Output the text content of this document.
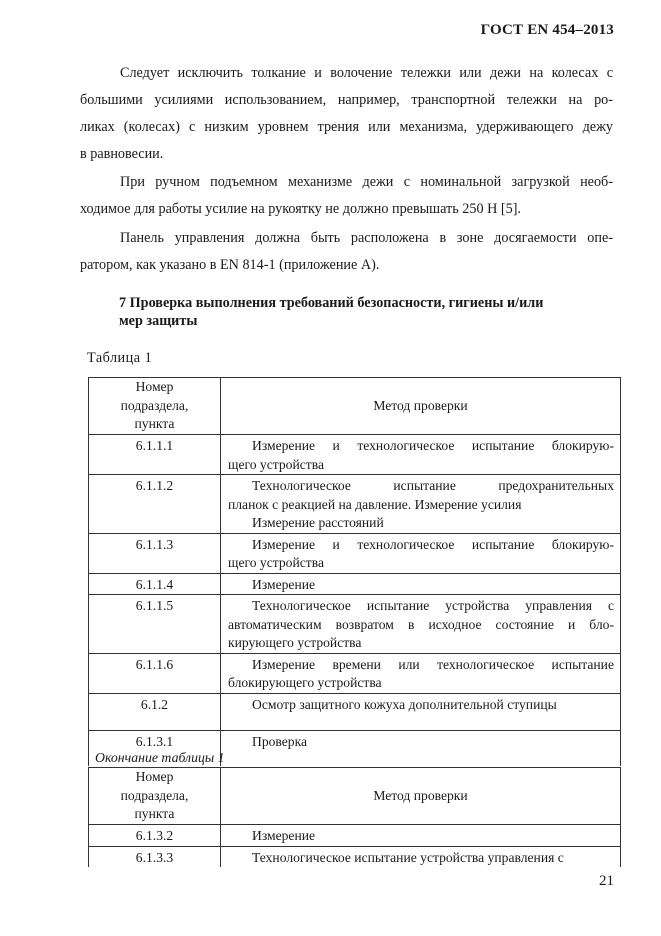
ГОСТ EN 454–2013
Следует исключить толкание и волочение тележки или дежи на колесах с
большими усилиями использованием, например, транспортной тележки на ро-
ликах (колесах) с низким уровнем трения или механизма, удерживающего дежу
в равновесии.
При ручном подъемном механизме дежи с номинальной загрузкой необ-
ходимое для работы усилие на рукоятку не должно превышать 250 Н [5].
Панель управления должна быть расположена в зоне досягаемости опе-
ратором, как указано в EN 814-1 (приложение А).
7 Проверка выполнения требований безопасности, гигиены и/или
мер защиты
Таблица 1
Номер
подраздела,
пункта	Метод проверки
6.1.1.1	Измерение и технологическое испытание блокирую-
щего устройства

6.1.1.2	Технологическое испытание предохранительных
планок с реакцией на давление. Измерение усилия
Измерение расстояний

6.1.1.3	Измерение и технологическое испытание блокирую-
щего устройства

6.1.1.4	Измерение

6.1.1.5	Технологическое испытание устройства управления с
автоматическим возвратом в исходное состояние и бло-
кирующего устройства

6.1.1.6	Измерение времени или технологическое испытание
блокирующего устройства

6.1.2	Осмотр защитного кожуха дополнительной ступицы

6.1.3.1	Проверка
Окончание таблицы 1
Номер
подраздела,
пункта	Метод проверки
6.1.3.2	Измерение

6.1.3.3	Технологическое испытание устройства управления с
21
